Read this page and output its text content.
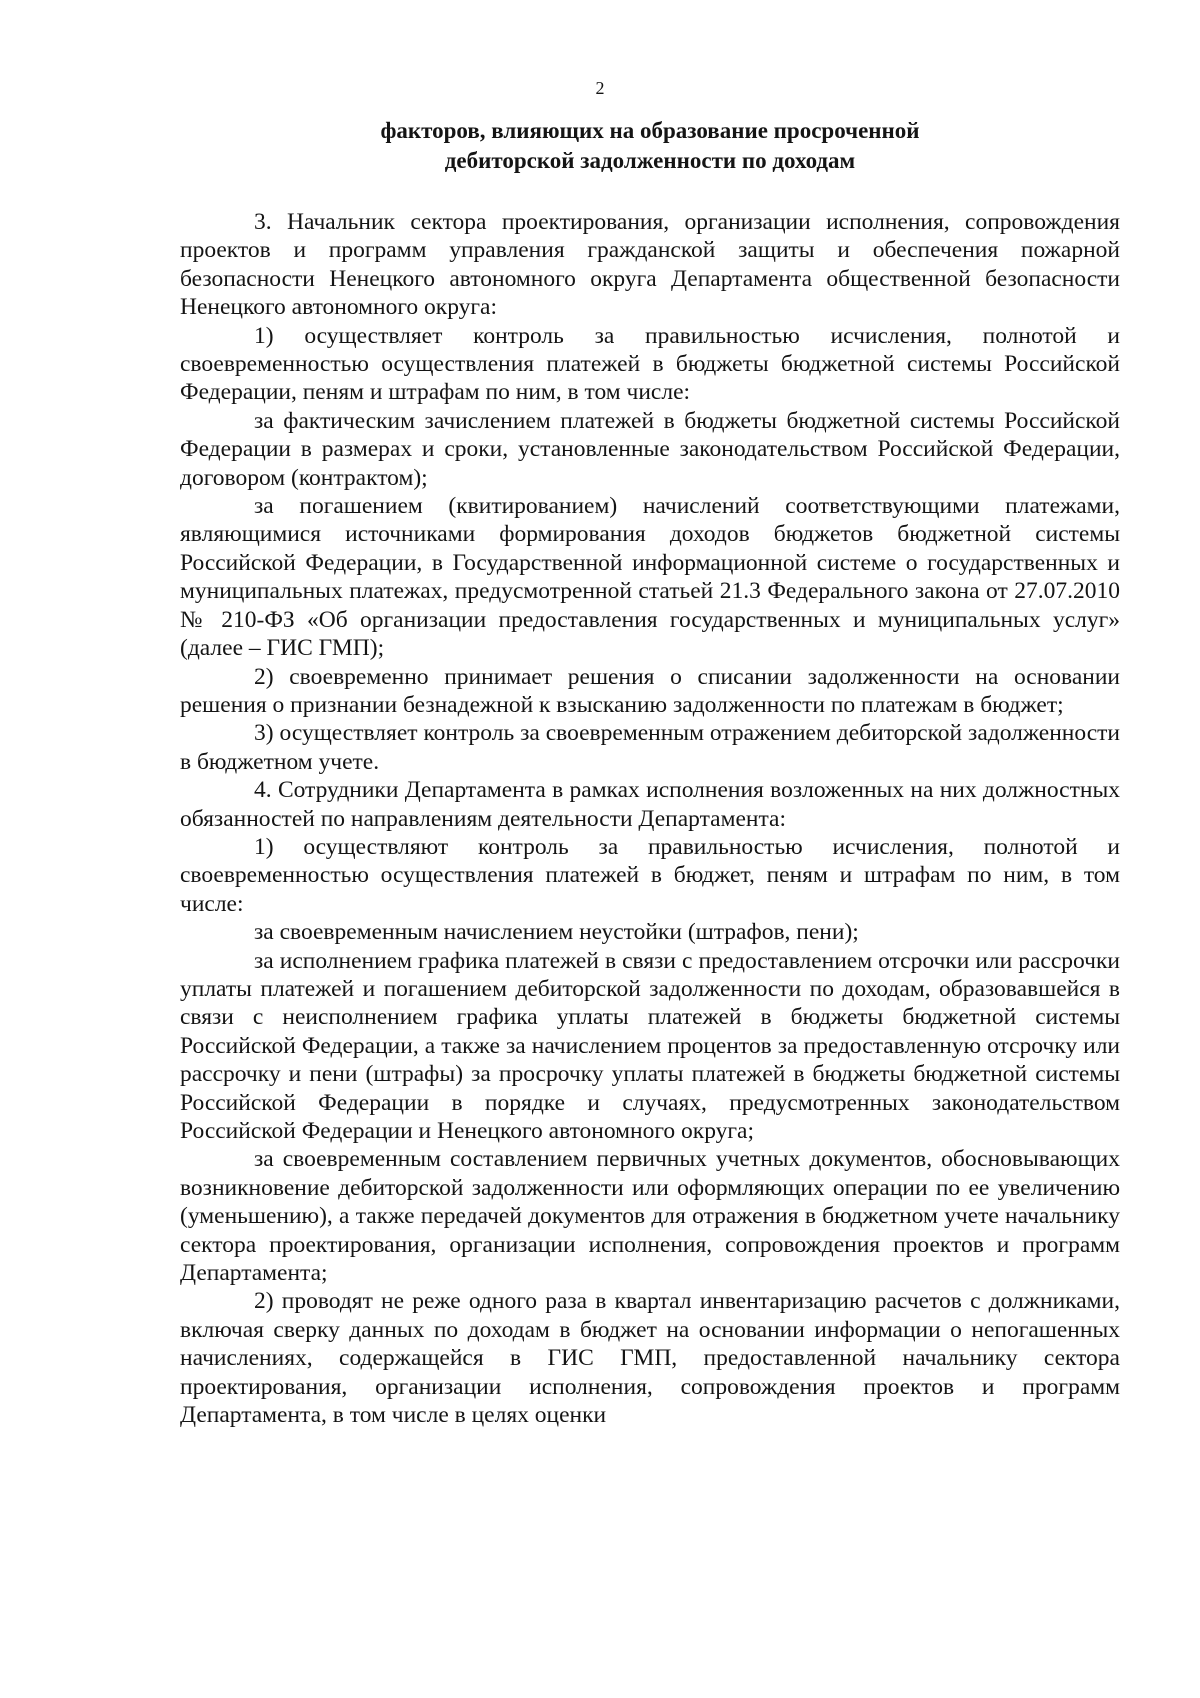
2
факторов, влияющих на образование просроченной
дебиторской задолженности по доходам

3. Начальник сектора проектирования, организации исполнения, сопровождения проектов и программ управления гражданской защиты и обеспечения пожарной безопасности Ненецкого автономного округа Департамента общественной безопасности Ненецкого автономного округа:

1) осуществляет контроль за правильностью исчисления, полнотой и своевременностью осуществления платежей в бюджеты бюджетной системы Российской Федерации, пеням и штрафам по ним, в том числе:

за фактическим зачислением платежей в бюджеты бюджетной системы Российской Федерации в размерах и сроки, установленные законодательством Российской Федерации, договором (контрактом);

за погашением (квитированием) начислений соответствующими платежами, являющимися источниками формирования доходов бюджетов бюджетной системы Российской Федерации, в Государственной информационной системе о государственных и муниципальных платежах, предусмотренной статьей 21.3 Федерального закона от 27.07.2010 № 210-ФЗ «Об организации предоставления государственных и муниципальных услуг» (далее – ГИС ГМП);

2) своевременно принимает решения о списании задолженности на основании решения о признании безнадежной к взысканию задолженности по платежам в бюджет;

3) осуществляет контроль за своевременным отражением дебиторской задолженности в бюджетном учете.

4. Сотрудники Департамента в рамках исполнения возложенных на них должностных обязанностей по направлениям деятельности Департамента:

1) осуществляют контроль за правильностью исчисления, полнотой и своевременностью осуществления платежей в бюджет, пеням и штрафам по ним, в том числе:

за своевременным начислением неустойки (штрафов, пени);

за исполнением графика платежей в связи с предоставлением отсрочки или рассрочки уплаты платежей и погашением дебиторской задолженности по доходам, образовавшейся в связи с неисполнением графика уплаты платежей в бюджеты бюджетной системы Российской Федерации, а также за начислением процентов за предоставленную отсрочку или рассрочку и пени (штрафы) за просрочку уплаты платежей в бюджеты бюджетной системы Российской Федерации в порядке и случаях, предусмотренных законодательством Российской Федерации и Ненецкого автономного округа;

за своевременным составлением первичных учетных документов, обосновывающих возникновение дебиторской задолженности или оформляющих операции по ее увеличению (уменьшению), а также передачей документов для отражения в бюджетном учете начальнику сектора проектирования, организации исполнения, сопровождения проектов и программ Департамента;

2) проводят не реже одного раза в квартал инвентаризацию расчетов с должниками, включая сверку данных по доходам в бюджет на основании информации о непогашенных начислениях, содержащейся в ГИС ГМП, предоставленной начальнику сектора проектирования, организации исполнения, сопровождения проектов и программ Департамента, в том числе в целях оценки
